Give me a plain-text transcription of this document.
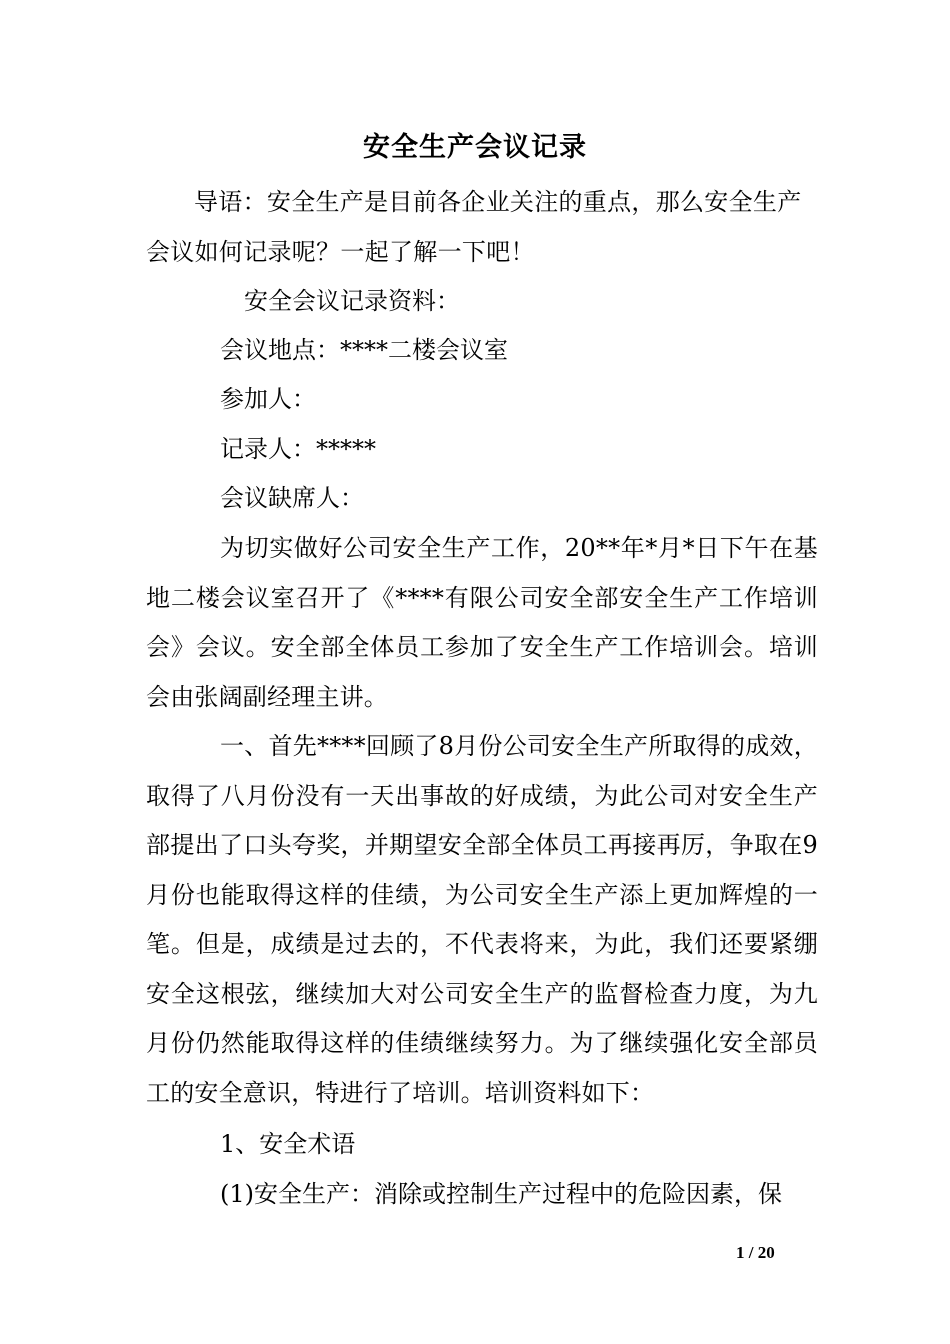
安全生产会议记录
导语：安全生产是目前各企业关注的重点，那么安全生产会议如何记录呢？一起了解一下吧！
安全会议记录资料：
会议地点：****二楼会议室
参加人：
记录人：*****
会议缺席人：
为切实做好公司安全生产工作，20**年*月*日下午在基地二楼会议室召开了《****有限公司安全部安全生产工作培训会》会议。安全部全体员工参加了安全生产工作培训会。培训会由张阔副经理主讲。
一、首先****回顾了8月份公司安全生产所取得的成效，取得了八月份没有一天出事故的好成绩，为此公司对安全生产部提出了口头夸奖，并期望安全部全体员工再接再厉，争取在9月份也能取得这样的佳绩，为公司安全生产添上更加辉煌的一笔。但是，成绩是过去的，不代表将来，为此，我们还要紧绷安全这根弦，继续加大对公司安全生产的监督检查力度，为九月份仍然能取得这样的佳绩继续努力。为了继续强化安全部员工的安全意识，特进行了培训。培训资料如下：
1、安全术语
(1)安全生产：消除或控制生产过程中的危险因素，保
1 / 20
